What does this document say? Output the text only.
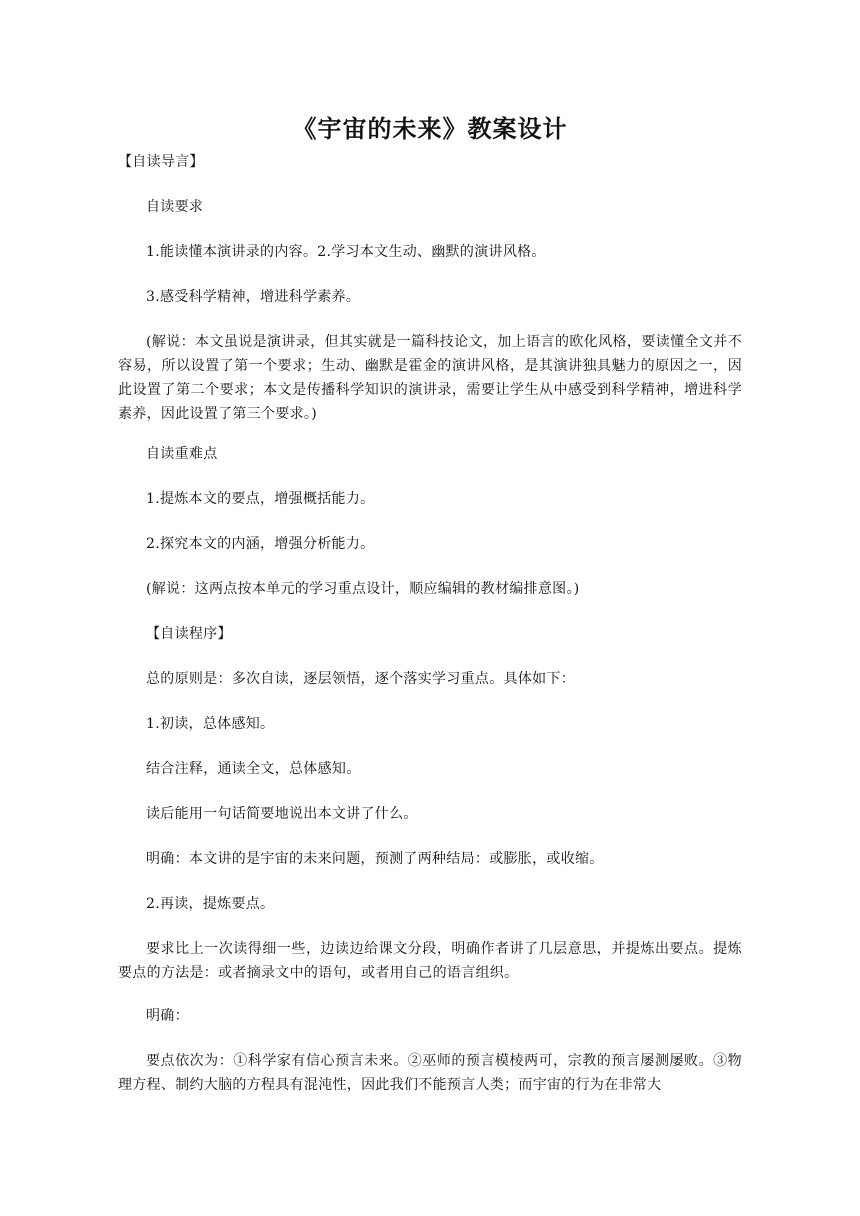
《宇宙的未来》教案设计
【自读导言】
自读要求
1.能读懂本演讲录的内容。2.学习本文生动、幽默的演讲风格。
3.感受科学精神，增进科学素养。
(解说：本文虽说是演讲录，但其实就是一篇科技论文，加上语言的欧化风格，要读懂全文并不容易，所以设置了第一个要求；生动、幽默是霍金的演讲风格，是其演讲独具魅力的原因之一，因此设置了第二个要求；本文是传播科学知识的演讲录，需要让学生从中感受到科学精神，增进科学素养，因此设置了第三个要求。)
自读重难点
1.提炼本文的要点，增强概括能力。
2.探究本文的内涵，增强分析能力。
(解说：这两点按本单元的学习重点设计，顺应编辑的教材编排意图。)
【自读程序】
总的原则是：多次自读，逐层领悟，逐个落实学习重点。具体如下：
1.初读，总体感知。
结合注释，通读全文，总体感知。
读后能用一句话简要地说出本文讲了什么。
明确：本文讲的是宇宙的未来问题，预测了两种结局：或膨胀，或收缩。
2.再读，提炼要点。
要求比上一次读得细一些，边读边给课文分段，明确作者讲了几层意思，并提炼出要点。提炼要点的方法是：或者摘录文中的语句，或者用自己的语言组织。
明确：
要点依次为：①科学家有信心预言未来。②巫师的预言模棱两可，宗教的预言屡测屡败。③物理方程、制约大脑的方程具有混沌性，因此我们不能预言人类；而宇宙的行为在非常大
